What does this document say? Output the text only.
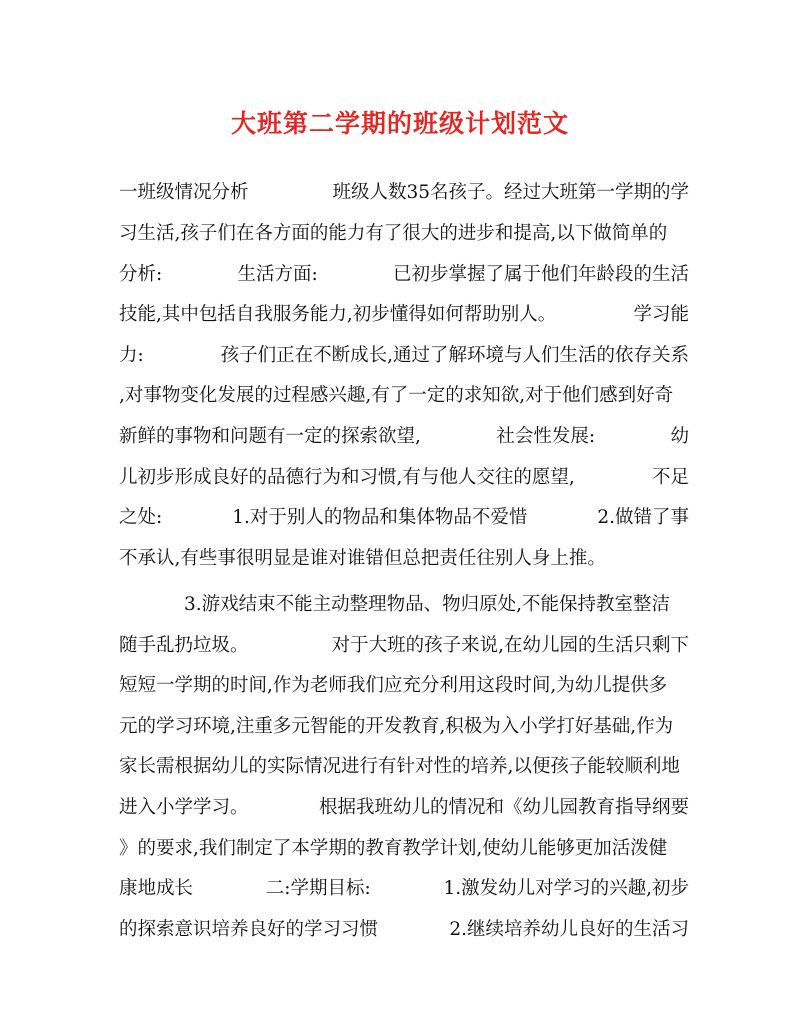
大班第二学期的班级计划范文
一班级情况分析	班级人数35名孩子。经过大班第一学期的学
习生活,孩子们在各方面的能力有了很大的进步和提高,以下做简单的
分析:	生活方面:	已初步掌握了属于他们年龄段的生活
技能,其中包括自我服务能力,初步懂得如何帮助别人。	学习能
力:	孩子们正在不断成长,通过了解环境与人们生活的依存关系
,对事物变化发展的过程感兴趣,有了一定的求知欲,对于他们感到好奇
新鲜的事物和问题有一定的探索欲望,	社会性发展:	幼
儿初步形成良好的品德行为和习惯,有与他人交往的愿望,	不足
之处:	1.对于别人的物品和集体物品不爱惜	2.做错了事
不承认,有些事很明显是谁对谁错但总把责任往别人身上推。
3.游戏结束不能主动整理物品、物归原处,不能保持教室整洁
随手乱扔垃圾。	对于大班的孩子来说,在幼儿园的生活只剩下
短短一学期的时间,作为老师我们应充分利用这段时间,为幼儿提供多
元的学习环境,注重多元智能的开发教育,积极为入小学打好基础,作为
家长需根据幼儿的实际情况进行有针对性的培养,以便孩子能较顺利地
进入小学学习。	根据我班幼儿的情况和《幼儿园教育指导纲要
》的要求,我们制定了本学期的教育教学计划,使幼儿能够更加活泼健
康地成长	二:学期目标:	1.激发幼儿对学习的兴趣,初步
的探索意识培养良好的学习习惯	2.继续培养幼儿良好的生活习
